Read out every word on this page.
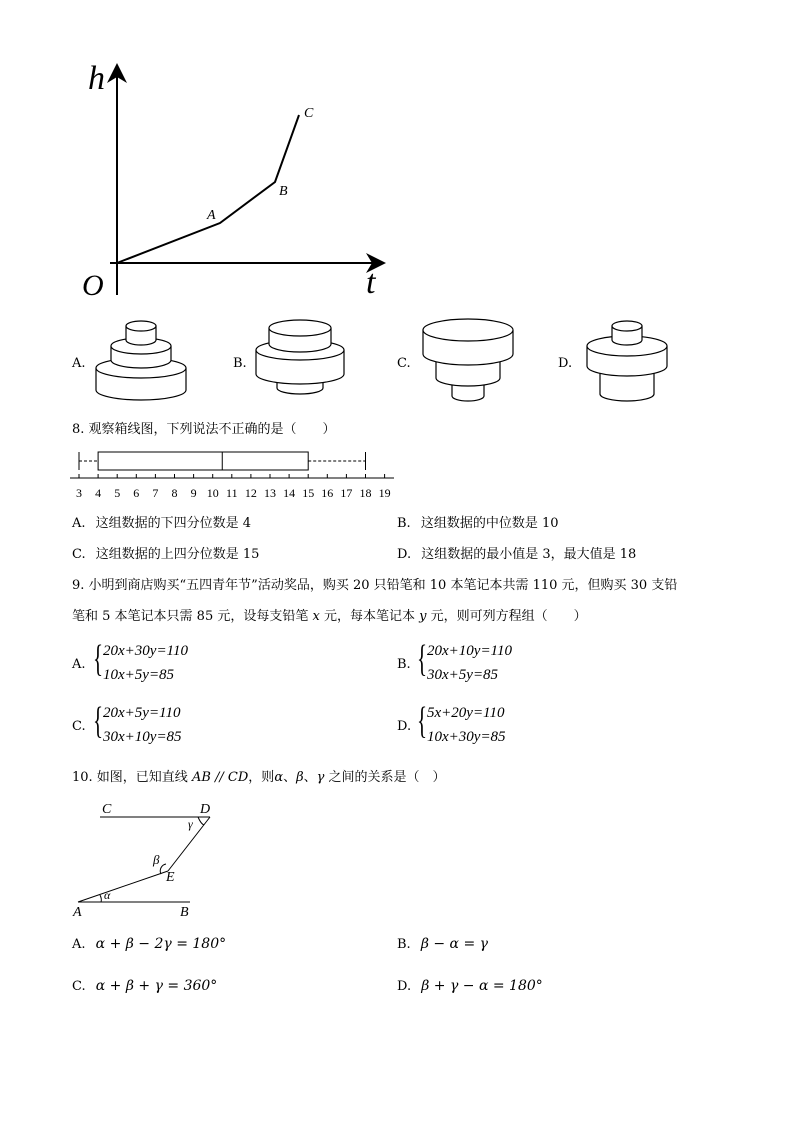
h
t
O
A
B
C
A.	B.	C.	D.
8. 观察箱线图，下列说法不正确的是（　　）
3 4 5 6 7 8 9 10 11 12 13 14 15 16 17 18 19
A. 这组数据的下四分位数是 4	B. 这组数据的中位数是 10
C. 这组数据的上四分位数是 15	D. 这组数据的最小值是 3，最大值是 18
9. 小明到商店购买“五四青年节”活动奖品，购买 20 只铅笔和 10 本笔记本共需 110 元，但购买 30 支铅
笔和 5 本笔记本只需 85 元，设每支铅笔 x 元，每本笔记本 y 元，则可列方程组（　　）
A. { 20x+30y=110
10x+5y=85
B. { 20x+10y=110
30x+5y=85
C. { 20x+5y=110
30x+10y=85
D. { 5x+20y=110
10x+30y=85
10. 如图，已知直线 AB // CD，则α、β、γ 之间的关系是（　）
C	D
γ
β
E
α
A	B
A. α + β − 2γ = 180°	B. β − α = γ
C. α + β + γ = 360°	D. β + γ − α = 180°
